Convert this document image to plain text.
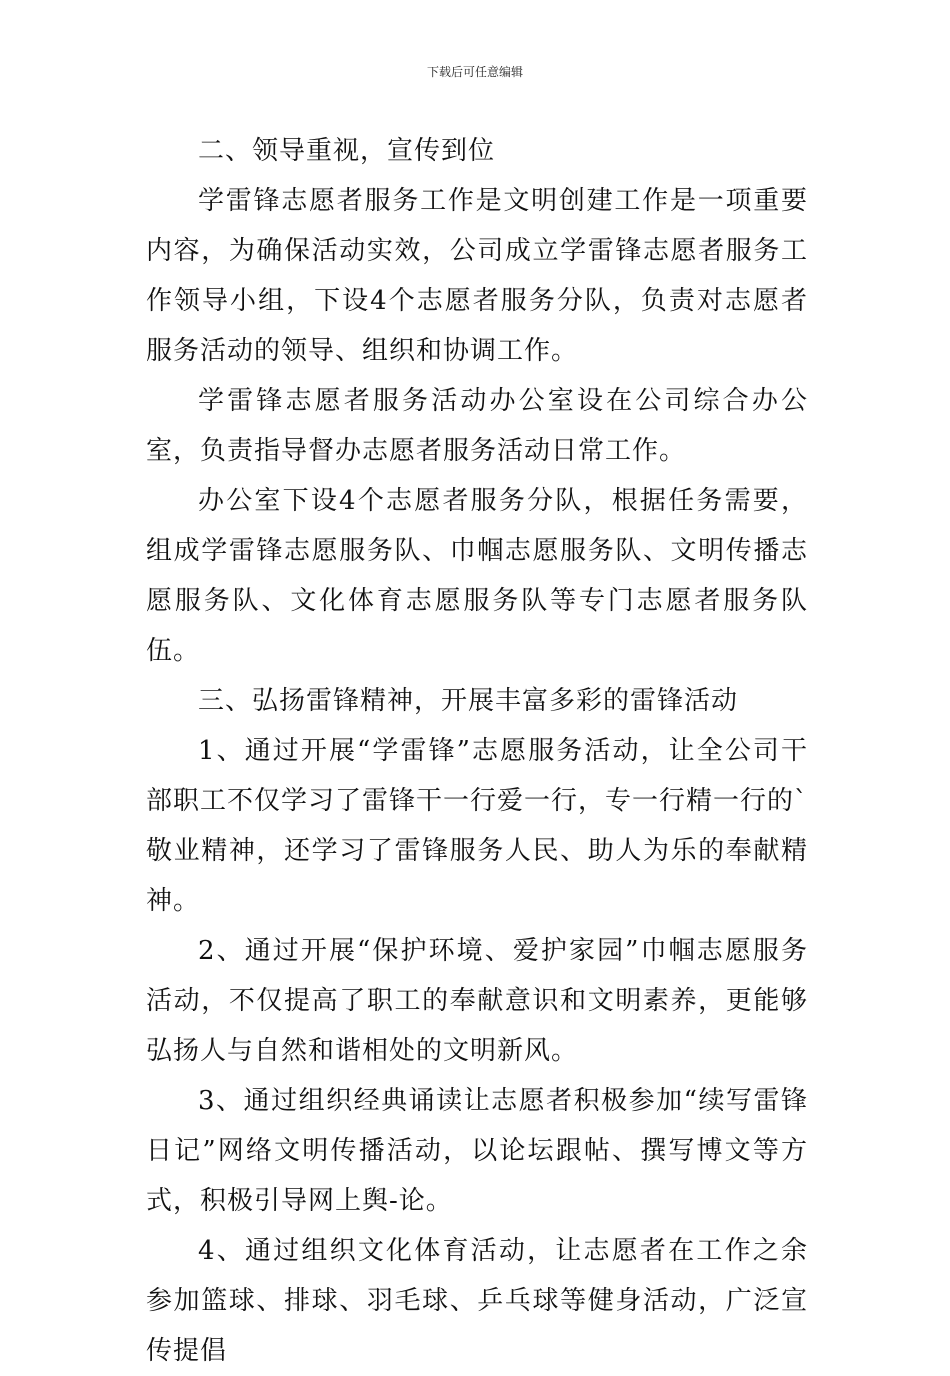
下载后可任意编辑

二、领导重视，宣传到位

学雷锋志愿者服务工作是文明创建工作是一项重要内容，为确保活动实效，公司成立学雷锋志愿者服务工作领导小组，下设4个志愿者服务分队，负责对志愿者服务活动的领导、组织和协调工作。

学雷锋志愿者服务活动办公室设在公司综合办公室，负责指导督办志愿者服务活动日常工作。

办公室下设4个志愿者服务分队，根据任务需要，组成学雷锋志愿服务队、巾帼志愿服务队、文明传播志愿服务队、文化体育志愿服务队等专门志愿者服务队伍。

三、弘扬雷锋精神，开展丰富多彩的雷锋活动

1、通过开展“学雷锋”志愿服务活动，让全公司干部职工不仅学习了雷锋干一行爱一行，专一行精一行的`敬业精神，还学习了雷锋服务人民、助人为乐的奉献精神。

2、通过开展“保护环境、爱护家园”巾帼志愿服务活动，不仅提高了职工的奉献意识和文明素养，更能够弘扬人与自然和谐相处的文明新风。

3、通过组织经典诵读让志愿者积极参加“续写雷锋日记”网络文明传播活动，以论坛跟帖、撰写博文等方式，积极引导网上舆-论。

4、通过组织文化体育活动，让志愿者在工作之余参加篮球、排球、羽毛球、乒乓球等健身活动，广泛宣传提倡
